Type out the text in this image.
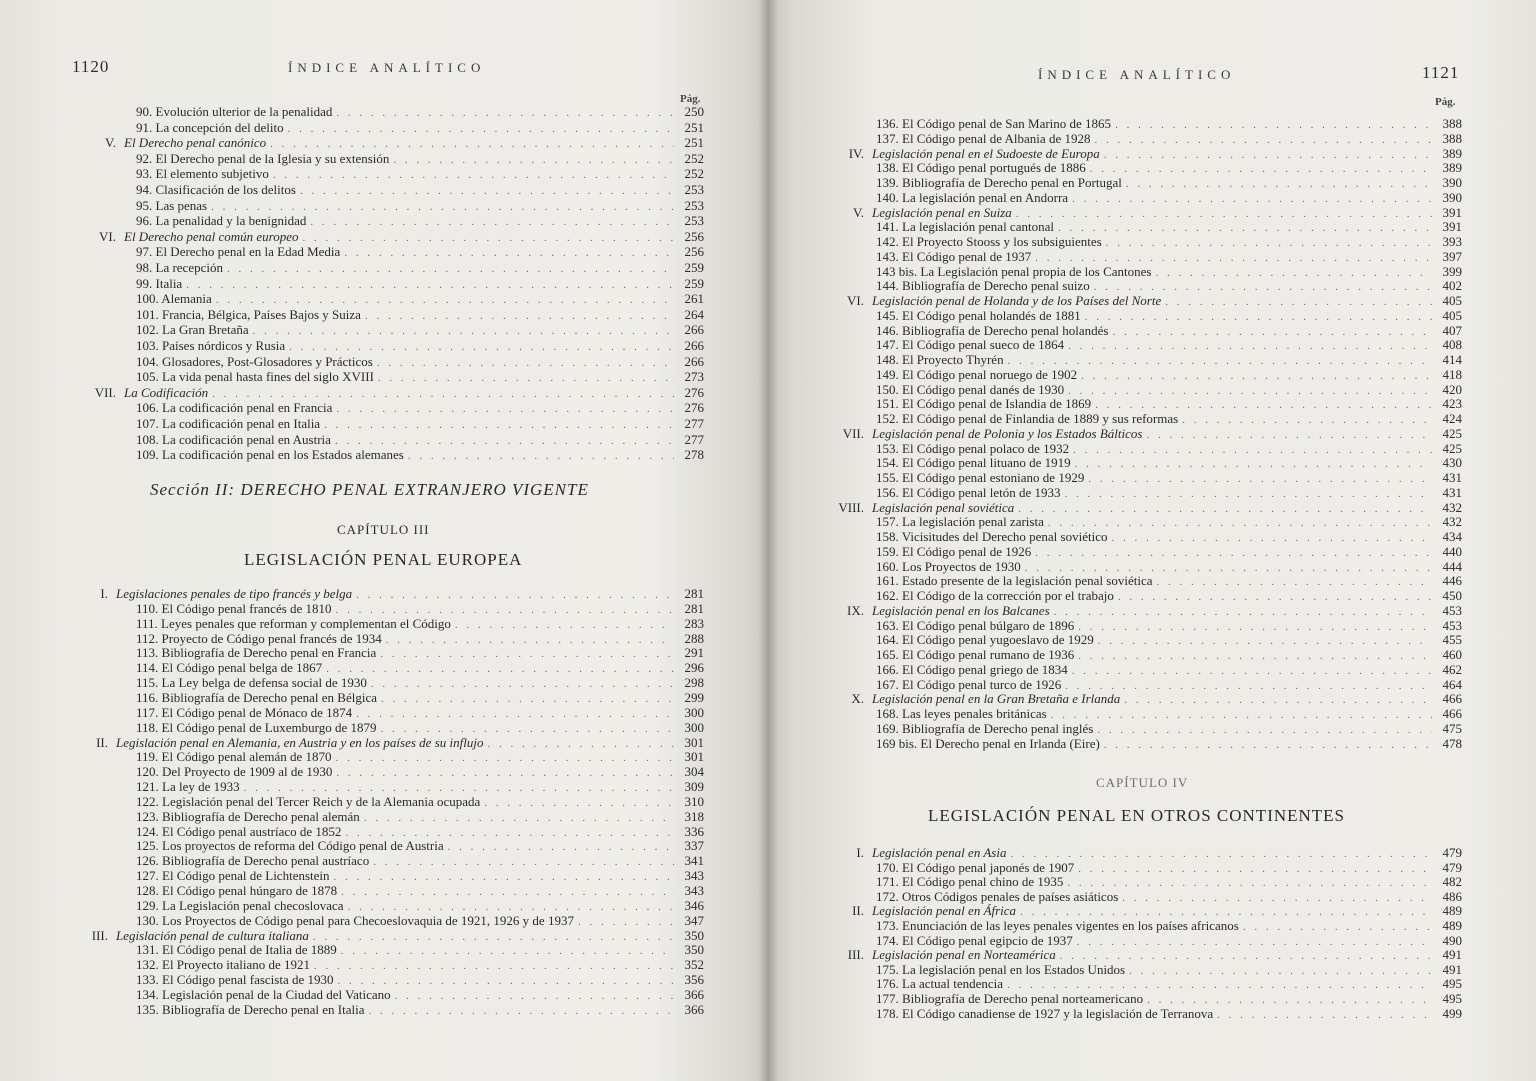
1120	ÍNDICE ANALÍTICO
Pág.
90. Evolución ulterior de la penalidad . . .	250
91. La concepción del delito . . .	251
V. El Derecho penal canónico . . .	251
92. El Derecho penal de la Iglesia y su extensión . . .	252
93. El elemento subjetivo . . .	252
94. Clasificación de los delitos . . .	253
95. Las penas . . .	253
96. La penalidad y la benignidad . . .	253
VI. El Derecho penal común europeo . . .	256
97. El Derecho penal en la Edad Media . . .	256
98. La recepción . . .	259
99. Italia . . .	259
100. Alemania . . .	261
101. Francia, Bélgica, Países Bajos y Suiza . . .	264
102. La Gran Bretaña . . .	266
103. Países nórdicos y Rusia . . .	266
104. Glosadores, Post-Glosadores y Prácticos . . .	266
105. La vida penal hasta fines del siglo XVIII . . .	273
VII. La Codificación . . .	276
106. La codificación penal en Francia . . .	276
107. La codificación penal en Italia . . .	277
108. La codificación penal en Austria . . .	277
109. La codificación penal en los Estados alemanes . . .	278
Sección II: DERECHO PENAL EXTRANJERO VIGENTE
CAPÍTULO III
LEGISLACIÓN PENAL EUROPEA
I. Legislaciones penales de tipo francés y belga . . .	281
110. El Código penal francés de 1810 . . .	281
111. Leyes penales que reforman y complementan el Código . . .	283
112. Proyecto de Código penal francés de 1934 . . .	288
113. Bibliografía de Derecho penal en Francia . . .	291
114. El Código penal belga de 1867 . . .	296
115. La Ley belga de defensa social de 1930 . . .	298
116. Bibliografía de Derecho penal en Bélgica . . .	299
117. El Código penal de Mónaco de 1874 . . .	300
118. El Código penal de Luxemburgo de 1879 . . .	300
II. Legislación penal en Alemania, en Austria y en los países de su influjo . . .	301
119. El Código penal alemán de 1870 . . .	301
120. Del Proyecto de 1909 al de 1930 . . .	304
121. La ley de 1933 . . .	309
122. Legislación penal del Tercer Reich y de la Alemania ocupada . . .	310
123. Bibliografía de Derecho penal alemán . . .	318
124. El Código penal austríaco de 1852 . . .	336
125. Los proyectos de reforma del Código penal de Austria . . .	337
126. Bibliografía de Derecho penal austríaco . . .	341
127. El Código penal de Lichtenstein . . .	343
128. El Código penal húngaro de 1878 . . .	343
129. La Legislación penal checoslovaca . . .	346
130. Los Proyectos de Código penal para Checoeslovaquia de 1921, 1926 y de 1937 . . .	347
III. Legislación penal de cultura italiana . . .	350
131. El Código penal de Italia de 1889 . . .	350
132. El Proyecto italiano de 1921 . . .	352
133. El Código penal fascista de 1930 . . .	356
134. Legislación penal de la Ciudad del Vaticano . . .	366
135. Bibliografía de Derecho penal en Italia . . .	366
ÍNDICE ANALÍTICO	1121
Pág.
136. El Código penal de San Marino de 1865 . . .	388
137. El Código penal de Albania de 1928 . . .	388
IV. Legislación penal en el Sudoeste de Europa . . .	389
138. El Código penal portugués de 1886 . . .	389
139. Bibliografía de Derecho penal en Portugal . . .	390
140. La legislación penal en Andorra . . .	390
V. Legislación penal en Suiza . . .	391
141. La legislación penal cantonal . . .	391
142. El Proyecto Stooss y los subsiguientes . . .	393
143. El Código penal de 1937 . . .	397
143 bis. La Legislación penal propia de los Cantones . . .	399
144. Bibliografía de Derecho penal suizo . . .	402
VI. Legislación penal de Holanda y de los Países del Norte . . .	405
145. El Código penal holandés de 1881 . . .	405
146. Bibliografía de Derecho penal holandés . . .	407
147. El Código penal sueco de 1864 . . .	408
148. El Proyecto Thyrén . . .	414
149. El Código penal noruego de 1902 . . .	418
150. El Código penal danés de 1930 . . .	420
151. El Código penal de Islandia de 1869 . . .	423
152. El Código penal de Finlandia de 1889 y sus reformas . . .	424
VII. Legislación penal de Polonia y los Estados Bálticos . . .	425
153. El Código penal polaco de 1932 . . .	425
154. El Código penal lituano de 1919 . . .	430
155. El Código penal estoniano de 1929 . . .	431
156. El Código penal letón de 1933 . . .	431
VIII. Legislación penal soviética . . .	432
157. La legislación penal zarista . . .	432
158. Vicisitudes del Derecho penal soviético . . .	434
159. El Código penal de 1926 . . .	440
160. Los Proyectos de 1930 . . .	444
161. Estado presente de la legislación penal soviética . . .	446
162. El Código de la corrección por el trabajo . . .	450
IX. Legislación penal en los Balcanes . . .	453
163. El Código penal búlgaro de 1896 . . .	453
164. El Código penal yugoeslavo de 1929 . . .	455
165. El Código penal rumano de 1936 . . .	460
166. El Código penal griego de 1834 . . .	462
167. El Código penal turco de 1926 . . .	464
X. Legislación penal en la Gran Bretaña e Irlanda . . .	466
168. Las leyes penales británicas . . .	466
169. Bibliografía de Derecho penal inglés . . .	475
169 bis. El Derecho penal en Irlanda (Eire) . . .	478
CAPÍTULO IV
LEGISLACIÓN PENAL EN OTROS CONTINENTES
I. Legislación penal en Asia . . .	479
170. El Código penal japonés de 1907 . . .	479
171. El Código penal chino de 1935 . . .	482
172. Otros Códigos penales de países asiáticos . . .	486
II. Legislación penal en África . . .	489
173. Enunciación de las leyes penales vigentes en los países africanos . . .	489
174. El Código penal egipcio de 1937 . . .	490
III. Legislación penal en Norteamérica . . .	491
175. La legislación penal en los Estados Unidos . . .	491
176. La actual tendencia . . .	495
177. Bibliografía de Derecho penal norteamericano . . .	495
178. El Código canadiense de 1927 y la legislación de Terranova . . .	499
